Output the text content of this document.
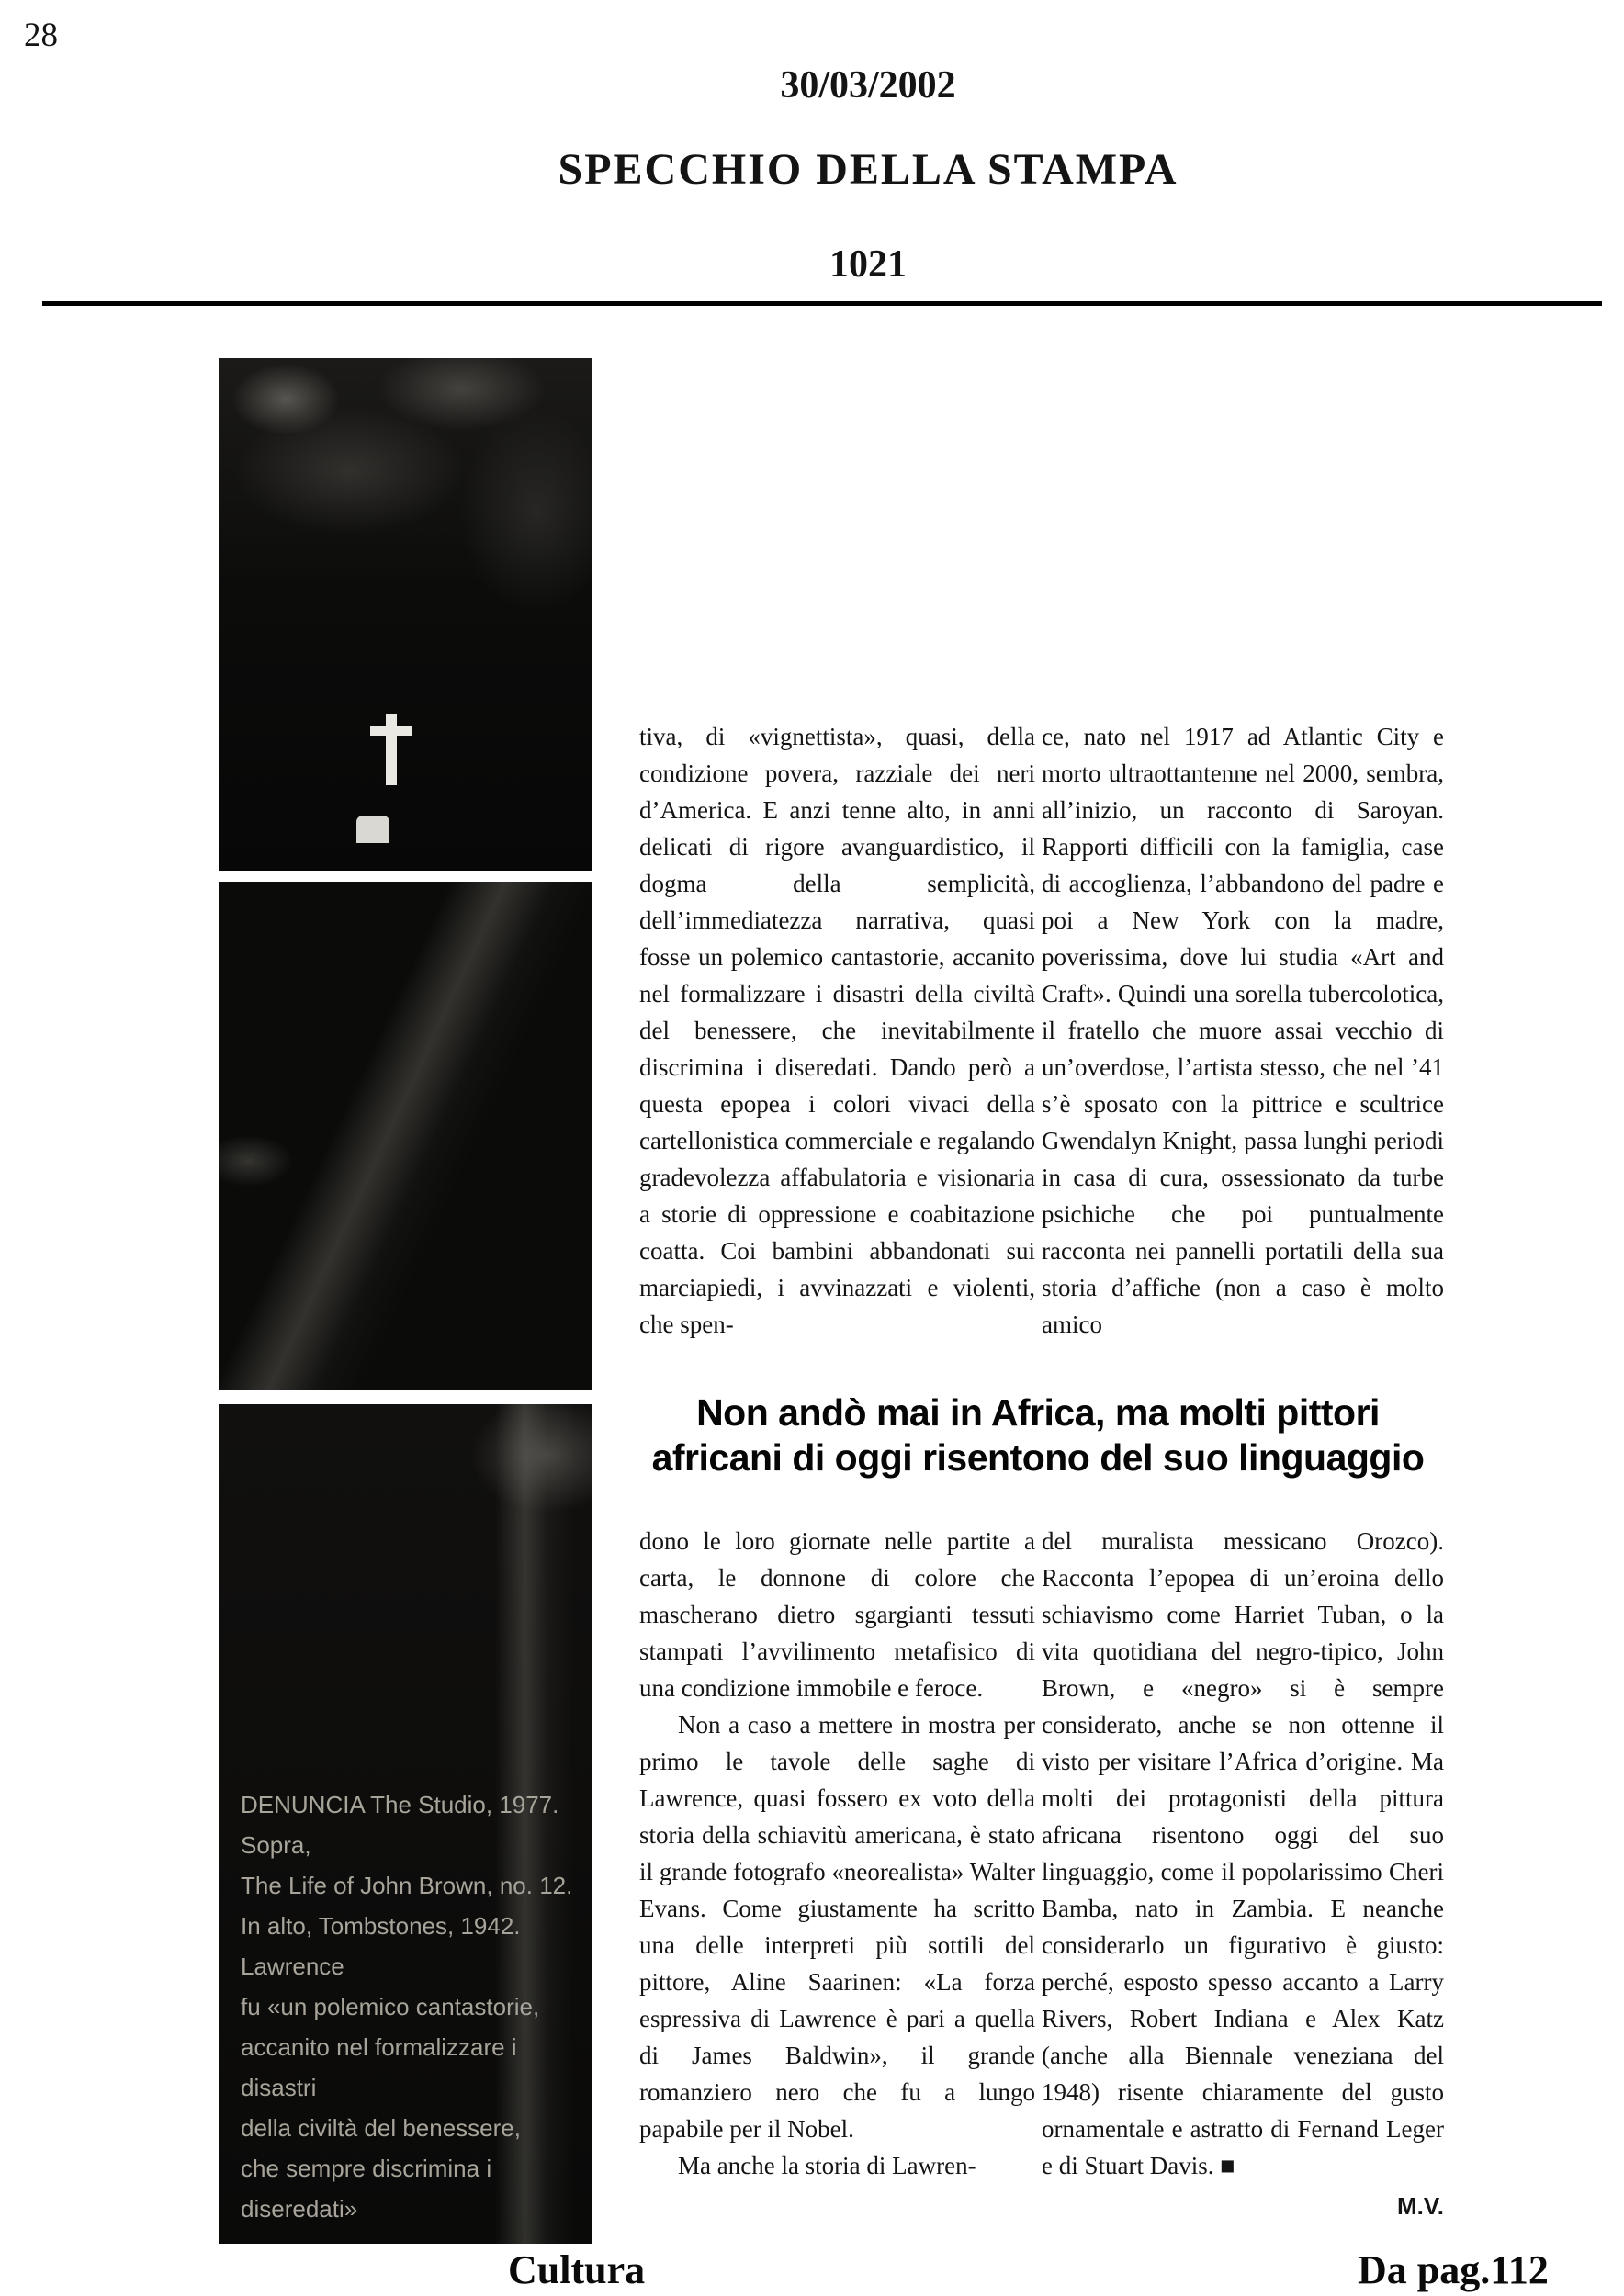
28
30/03/2002
SPECCHIO DELLA STAMPA
1021
DENUNCIA The Studio, 1977. Sopra,
The Life of John Brown, no. 12.
In alto, Tombstones, 1942. Lawrence
fu «un polemico cantastorie,
accanito nel formalizzare i disastri
della civiltà del benessere,
che sempre discrimina i diseredati»

tiva, di «vignettista», quasi, della condizione povera, razziale dei neri d’America. E anzi tenne alto, in anni delicati di rigore avanguardistico, il dogma della semplicità, dell’immediatezza narrativa, quasi fosse un polemico cantastorie, accanito nel formalizzare i disastri della civiltà del benessere, che inevitabilmente discrimina i diseredati. Dando però a questa epopea i colori vivaci della cartellonistica commerciale e regalando gradevolezza affabulatoria e visionaria a storie di oppressione e coabitazione coatta. Coi bambini abbandonati sui marciapiedi, i avvinazzati e violenti, che spen-

ce, nato nel 1917 ad Atlantic City e morto ultraottantenne nel 2000, sembra, all’inizio, un racconto di Saroyan. Rapporti difficili con la famiglia, case di accoglienza, l’abbandono del padre e poi a New York con la madre, poverissima, dove lui studia «Art and Craft». Quindi una sorella tubercolotica, il fratello che muore assai vecchio di un’overdose, l’artista stesso, che nel ’41 s’è sposato con la pittrice e scultrice Gwendalyn Knight, passa lunghi periodi in casa di cura, ossessionato da turbe psichiche che poi puntualmente racconta nei pannelli portatili della sua storia d’affiche (non a caso è molto amico

Non andò mai in Africa, ma molti pittori
africani di oggi risentono del suo linguaggio

dono le loro giornate nelle partite a carta, le donnone di colore che mascherano dietro sgargianti tessuti stampati l’avvilimento metafisico di una condizione immobile e feroce.

Non a caso a mettere in mostra per primo le tavole delle saghe di Lawrence, quasi fossero ex voto della storia della schiavitù americana, è stato il grande fotografo «neorealista» Walter Evans. Come giustamente ha scritto una delle interpreti più sottili del pittore, Aline Saarinen: «La forza espressiva di Lawrence è pari a quella di James Baldwin», il grande romanziero nero che fu a lungo papabile per il Nobel.

Ma anche la storia di Lawren-

del muralista messicano Orozco). Racconta l’epopea di un’eroina dello schiavismo come Harriet Tuban, o la vita quotidiana del negro-tipico, John Brown, e «negro» si è sempre considerato, anche se non ottenne il visto per visitare l’Africa d’origine. Ma molti dei protagonisti della pittura africana risentono oggi del suo linguaggio, come il popolarissimo Cheri Bamba, nato in Zambia. E neanche considerarlo un figurativo è giusto: perché, esposto spesso accanto a Larry Rivers, Robert Indiana e Alex Katz (anche alla Biennale veneziana del 1948) risente chiaramente del gusto ornamentale e astratto di Fernand Leger e di Stuart Davis. ■

M.V.
Cultura	Da pag.112
